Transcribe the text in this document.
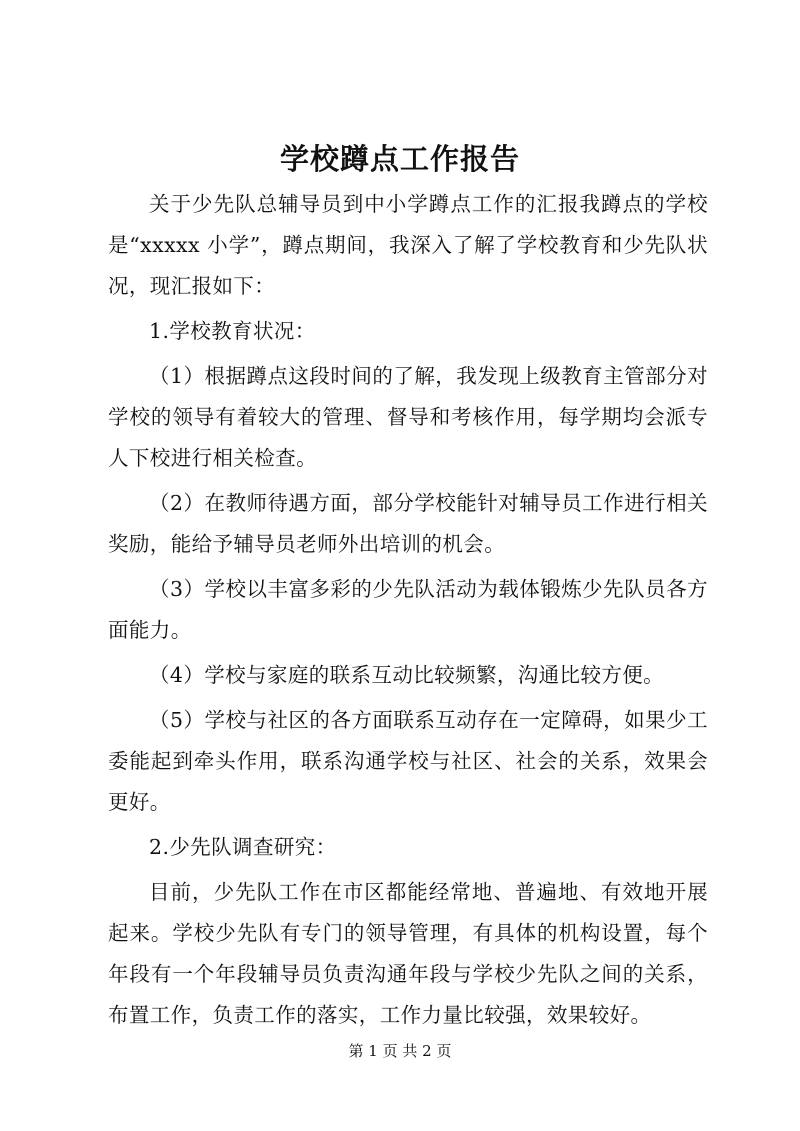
学校蹲点工作报告

关于少先队总辅导员到中小学蹲点工作的汇报我蹲点的学校是“xxxxx 小学”，蹲点期间，我深入了解了学校教育和少先队状况，现汇报如下：

1.学校教育状况：

（1）根据蹲点这段时间的了解，我发现上级教育主管部分对学校的领导有着较大的管理、督导和考核作用，每学期均会派专人下校进行相关检查。

（2）在教师待遇方面，部分学校能针对辅导员工作进行相关奖励，能给予辅导员老师外出培训的机会。

（3）学校以丰富多彩的少先队活动为载体锻炼少先队员各方面能力。

（4）学校与家庭的联系互动比较频繁，沟通比较方便。

（5）学校与社区的各方面联系互动存在一定障碍，如果少工委能起到牵头作用，联系沟通学校与社区、社会的关系，效果会更好。

2.少先队调查研究：

目前，少先队工作在市区都能经常地、普遍地、有效地开展起来。学校少先队有专门的领导管理，有具体的机构设置，每个年段有一个年段辅导员负责沟通年段与学校少先队之间的关系，布置工作，负责工作的落实，工作力量比较强，效果较好。

第 1 页 共 2 页
